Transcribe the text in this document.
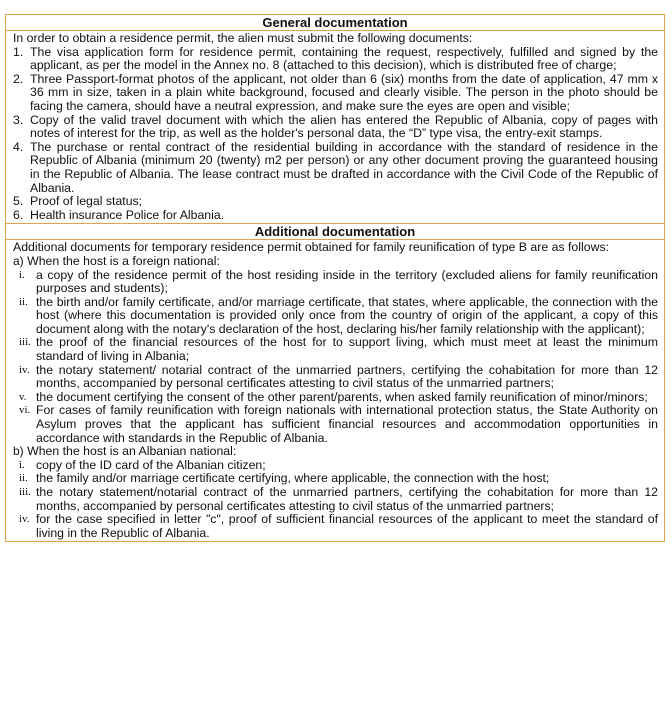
General documentation

In order to obtain a residence permit, the alien must submit the following documents:

1. The visa application form for residence permit, containing the request, respectively, fulfilled and signed by the applicant, as per the model in the Annex no. 8 (attached to this decision), which is distributed free of charge;
2. Three Passport-format photos of the applicant, not older than 6 (six) months from the date of application, 47 mm x 36 mm in size, taken in a plain white background, focused and clearly visible. The person in the photo should be facing the camera, should have a neutral expression, and make sure the eyes are open and visible;
3. Copy of the valid travel document with which the alien has entered the Republic of Albania, copy of pages with notes of interest for the trip, as well as the holder's personal data, the “D” type visa, the entry-exit stamps.
4. The purchase or rental contract of the residential building in accordance with the standard of residence in the Republic of Albania (minimum 20 (twenty) m2 per person) or any other document proving the guaranteed housing in the Republic of Albania. The lease contract must be drafted in accordance with the Civil Code of the Republic of Albania.
5. Proof of legal status;
6. Health insurance Police for Albania.
Additional documentation

Additional documents for temporary residence permit obtained for family reunification of type B are as follows:

a) When the host is a foreign national:

i. a copy of the residence permit of the host residing inside in the territory (excluded aliens for family reunification purposes and students);
ii. the birth and/or family certificate, and/or marriage certificate, that states, where applicable, the connection with the host (where this documentation is provided only once from the country of origin of the applicant, a copy of this document along with the notary's declaration of the host, declaring his/her family relationship with the applicant);
iii. the proof of the financial resources of the host for to support living, which must meet at least the minimum standard of living in Albania;
iv. the notary statement/ notarial contract of the unmarried partners, certifying the cohabitation for more than 12 months, accompanied by personal certificates attesting to civil status of the unmarried partners;
v. the document certifying the consent of the other parent/parents, when asked family reunification of minor/minors;
vi. For cases of family reunification with foreign nationals with international protection status, the State Authority on Asylum proves that the applicant has sufficient financial resources and accommodation opportunities in accordance with standards in the Republic of Albania.

b) When the host is an Albanian national:

i. copy of the ID card of the Albanian citizen;
ii. the family and/or marriage certificate certifying, where applicable, the connection with the host;
iii. the notary statement/notarial contract of the unmarried partners, certifying the cohabitation for more than 12 months, accompanied by personal certificates attesting to civil status of the unmarried partners;
iv. for the case specified in letter "c", proof of sufficient financial resources of the applicant to meet the standard of living in the Republic of Albania.
